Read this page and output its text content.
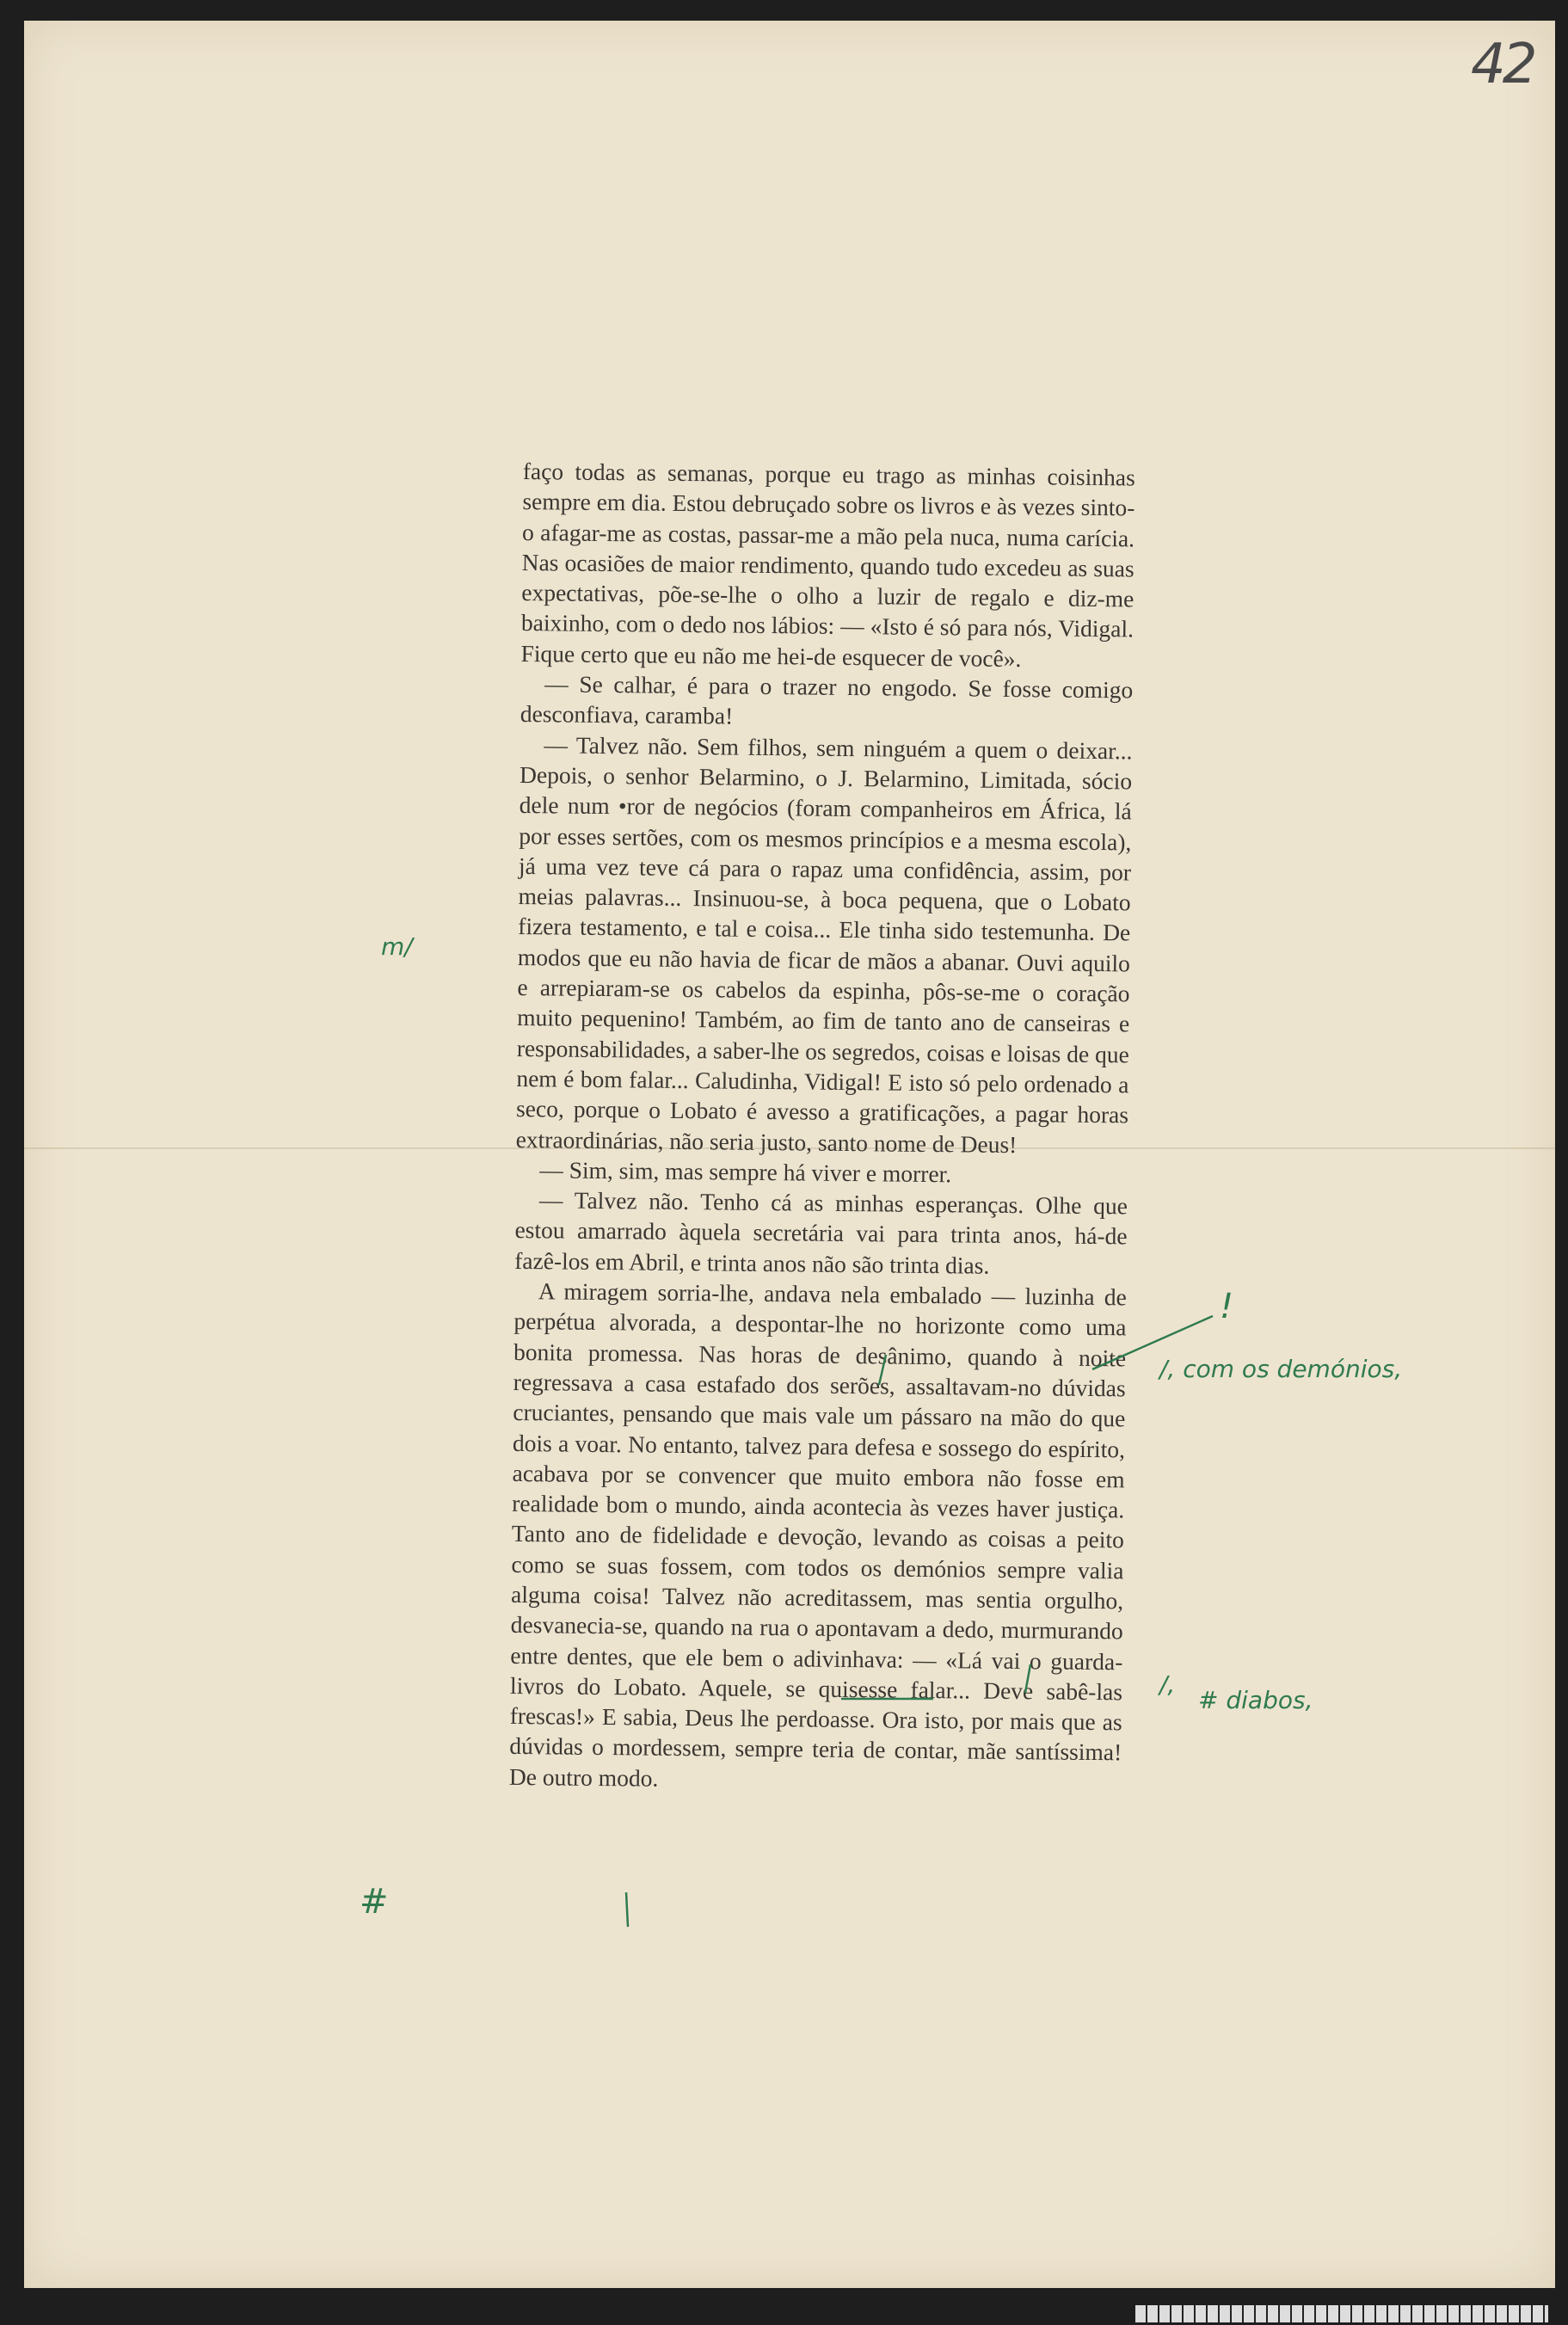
42

faço todas as semanas, porque eu trago as minhas coisinhas sempre em dia. Estou debruçado sobre os livros e às vezes sinto-o afagar-me as costas, passar-me a mão pela nuca, numa carícia. Nas ocasiões de maior rendimento, quando tudo excedeu as suas expectativas, põe-se-lhe o olho a luzir de regalo e diz-me baixinho, com o dedo nos lábios: — «Isto é só para nós, Vidigal. Fique certo que eu não me hei-de esquecer de você».

— Se calhar, é para o trazer no engodo. Se fosse comigo desconfiava, caramba!

— Talvez não. Sem filhos, sem ninguém a quem o deixar... Depois, o senhor Belarmino, o J. Belarmino, Limitada, sócio dele num •ror de negócios (foram companheiros em África, lá por esses sertões, com os mesmos princípios e a mesma escola), já uma vez teve cá para o rapaz uma confidência, assim, por meias palavras... Insinuou-se, à boca pequena, que o Lobato fizera testamento, e tal e coisa... Ele tinha sido testemunha. De modos que eu não havia de ficar de mãos a abanar. Ouvi aquilo e arrepiaram-se os cabelos da espinha, pôs-se-me o coração muito pequenino! Também, ao fim de tanto ano de canseiras e responsabilidades, a saber-lhe os segredos, coisas e loisas de que nem é bom falar... Caludinha, Vidigal! E isto só pelo ordenado a seco, porque o Lobato é avesso a gratificações, a pagar horas extraordinárias, não seria justo, santo nome de Deus!

— Sim, sim, mas sempre há viver e morrer.

— Talvez não. Tenho cá as minhas esperanças. Olhe que estou amarrado àquela secretária vai para trinta anos, há-de fazê-los em Abril, e trinta anos não são trinta dias.

A miragem sorria-lhe, andava nela embalado — luzinha de perpétua alvorada, a despontar-lhe no horizonte como uma bonita promessa. Nas horas de desânimo, quando à noite regressava a casa estafado dos serões, assaltavam-no dúvidas cruciantes, pensando que mais vale um pássaro na mão do que dois a voar. No entanto, talvez para defesa e sossego do espírito, acabava por se convencer que muito embora não fosse em realidade bom o mundo, ainda acontecia às vezes haver justiça. Tanto ano de fidelidade e devoção, levando as coisas a peito como se suas fossem, com todos os demónios sempre valia alguma coisa! Talvez não acreditassem, mas sentia orgulho, desvanecia-se, quando na rua o apontavam a dedo, murmurando entre dentes, que ele bem o adivinhava: — «Lá vai o guarda-livros do Lobato. Aquele, se quisesse falar... Deve sabê-las frescas!» E sabia, Deus lhe perdoasse. Ora isto, por mais que as dúvidas o mordessem, sempre teria de contar, mãe santíssima! De outro modo.

m/
!
/, com os demónios,
/,
# diabos,
#
